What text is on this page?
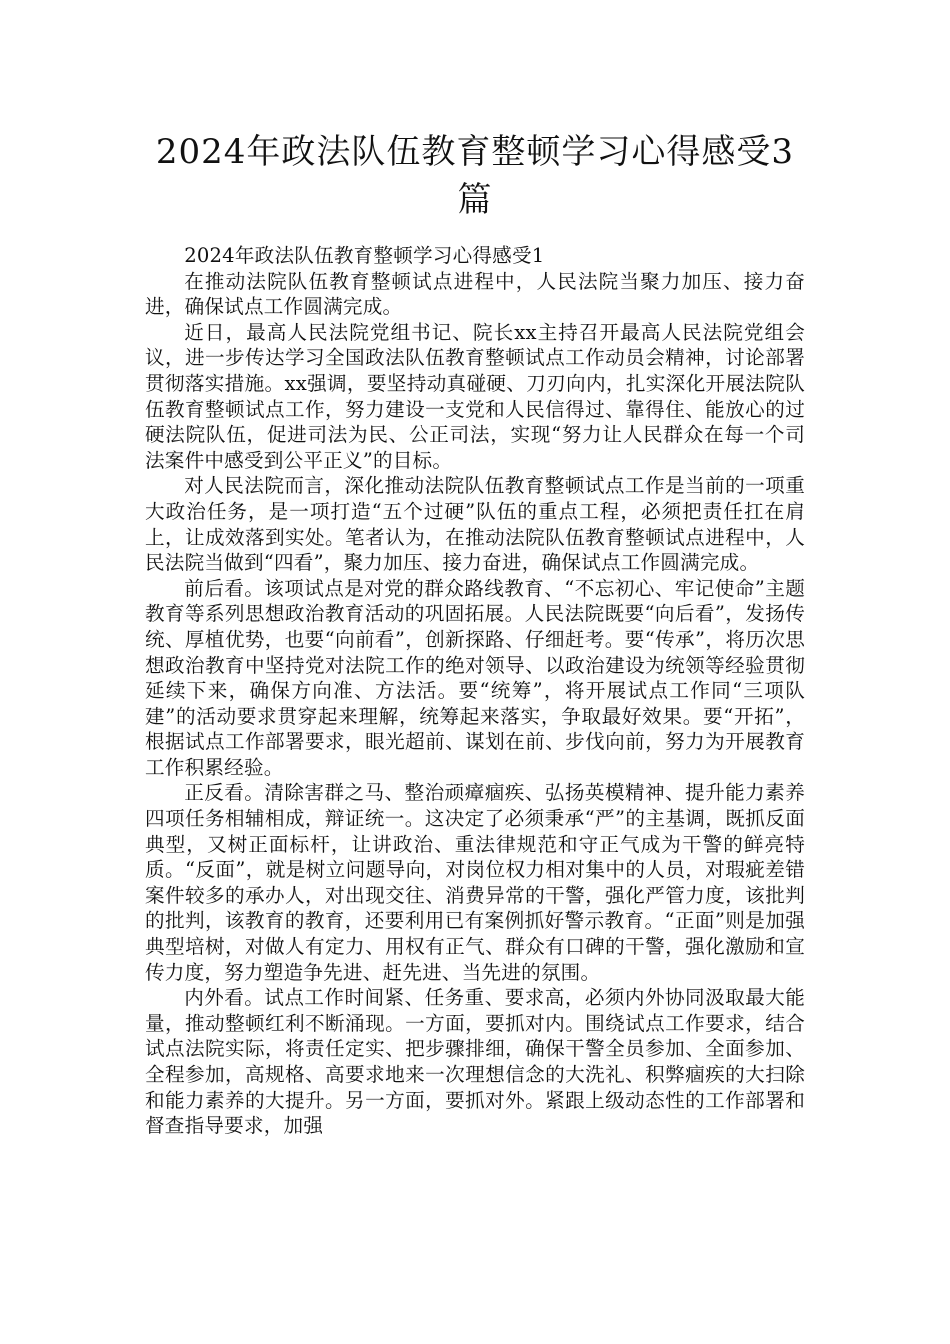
2024年政法队伍教育整顿学习心得感受3篇

2024年政法队伍教育整顿学习心得感受1

在推动法院队伍教育整顿试点进程中，人民法院当聚力加压、接力奋进，确保试点工作圆满完成。

近日，最高人民法院党组书记、院长xx主持召开最高人民法院党组会议，进一步传达学习全国政法队伍教育整顿试点工作动员会精神，讨论部署贯彻落实措施。xx强调，要坚持动真碰硬、刀刃向内，扎实深化开展法院队伍教育整顿试点工作，努力建设一支党和人民信得过、靠得住、能放心的过硬法院队伍，促进司法为民、公正司法，实现“努力让人民群众在每一个司法案件中感受到公平正义”的目标。

对人民法院而言，深化推动法院队伍教育整顿试点工作是当前的一项重大政治任务，是一项打造“五个过硬”队伍的重点工程，必须把责任扛在肩上，让成效落到实处。笔者认为，在推动法院队伍教育整顿试点进程中，人民法院当做到“四看”，聚力加压、接力奋进，确保试点工作圆满完成。

前后看。该项试点是对党的群众路线教育、“不忘初心、牢记使命”主题教育等系列思想政治教育活动的巩固拓展。人民法院既要“向后看”，发扬传统、厚植优势，也要“向前看”，创新探路、仔细赶考。要“传承”，将历次思想政治教育中坚持党对法院工作的绝对领导、以政治建设为统领等经验贯彻延续下来，确保方向准、方法活。要“统筹”，将开展试点工作同“三项队建”的活动要求贯穿起来理解，统筹起来落实，争取最好效果。要“开拓”，根据试点工作部署要求，眼光超前、谋划在前、步伐向前，努力为开展教育工作积累经验。

正反看。清除害群之马、整治顽瘴痼疾、弘扬英模精神、提升能力素养四项任务相辅相成，辩证统一。这决定了必须秉承“严”的主基调，既抓反面典型，又树正面标杆，让讲政治、重法律规范和守正气成为干警的鲜亮特质。“反面”，就是树立问题导向，对岗位权力相对集中的人员，对瑕疵差错案件较多的承办人，对出现交往、消费异常的干警，强化严管力度，该批判的批判，该教育的教育，还要利用已有案例抓好警示教育。“正面”则是加强典型培树，对做人有定力、用权有正气、群众有口碑的干警，强化激励和宣传力度，努力塑造争先进、赶先进、当先进的氛围。

内外看。试点工作时间紧、任务重、要求高，必须内外协同汲取最大能量，推动整顿红利不断涌现。一方面，要抓对内。围绕试点工作要求，结合试点法院实际，将责任定实、把步骤排细，确保干警全员参加、全面参加、全程参加，高规格、高要求地来一次理想信念的大洗礼、积弊痼疾的大扫除和能力素养的大提升。另一方面，要抓对外。紧跟上级动态性的工作部署和督查指导要求，加强
